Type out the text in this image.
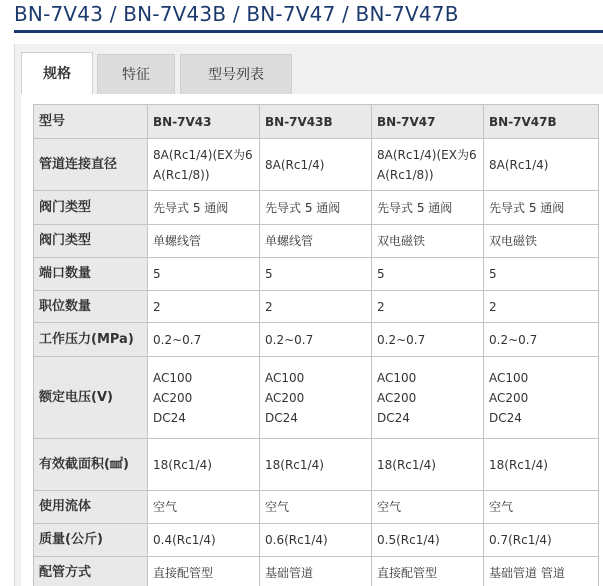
BN-7V43 / BN-7V43B / BN-7V47 / BN-7V47B
规格	特征	型号列表
型号	BN-7V43	BN-7V43B	BN-7V47	BN-7V47B
管道连接直径	8A(Rc1/4)(EX为6
A(Rc1/8))	8A(Rc1/4)	8A(Rc1/4)(EX为6
A(Rc1/8))	8A(Rc1/4)

阀门类型	先导式 5 通阀	先导式 5 通阀	先导式 5 通阀	先导式 5 通阀

阀门类型	单螺线管	单螺线管	双电磁铁	双电磁铁

端口数量	5	5	5	5

职位数量	2	2	2	2

工作压力(MPa)	0.2~0.7	0.2~0.7	0.2~0.7	0.2~0.7

额定电压(V)	AC100
AC200
DC24	AC100
AC200
DC24	AC100
AC200
DC24	AC100
AC200
DC24

有效截面积(㎟)	18(Rc1/4)	18(Rc1/4)	18(Rc1/4)	18(Rc1/4)

使用流体	空气	空气	空气	空气

质量(公斤)	0.4(Rc1/4)	0.6(Rc1/4)	0.5(Rc1/4)	0.7(Rc1/4)

配管方式	直接配管型	基础管道	直接配管型	基础管道 管道
